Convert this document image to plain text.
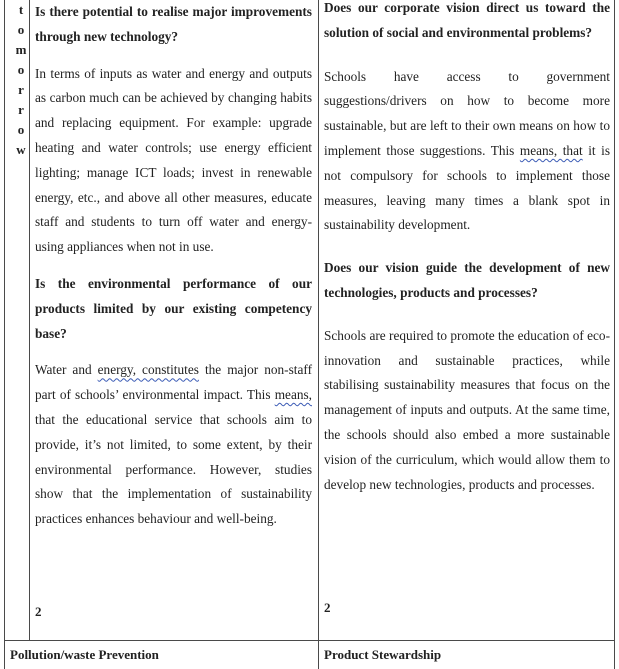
t
o
m
o
r
r
o
w

Is there potential to realise major improvements through new technology?

In terms of inputs as water and energy and outputs as carbon much can be achieved by changing habits and replacing equipment. For example: upgrade heating and water controls; use energy efficient lighting; manage ICT loads; invest in renewable energy, etc., and above all other measures, educate staff and students to turn off water and energy-using appliances when not in use.

Is the environmental performance of our products limited by our existing competency base?

Water and energy, constitutes the major non-staff part of schools’ environmental impact. This means, that the educational service that schools aim to provide, it’s not limited, to some extent, by their environmental performance. However, studies show that the implementation of sustainability practices enhances behaviour and well-being.

2

Does our corporate vision direct us toward the solution of social and environmental problems?

Schools have access to government suggestions/drivers on how to become more sustainable, but are left to their own means on how to implement those suggestions. This means, that it is not compulsory for schools to implement those measures, leaving many times a blank spot in sustainability development.

Does our vision guide the development of new technologies, products and processes?

Schools are required to promote the education of eco-innovation and sustainable practices, while stabilising sustainability measures that focus on the management of inputs and outputs. At the same time, the schools should also embed a more sustainable vision of the curriculum, which would allow them to develop new technologies, products and processes.

2
Pollution/waste Prevention	Product Stewardship
